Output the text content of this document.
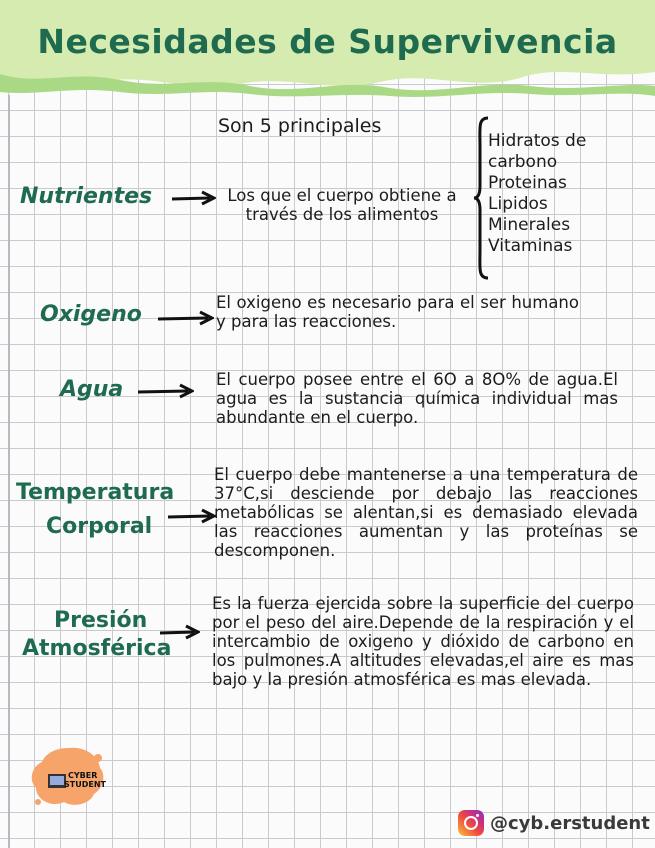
Necesidades de Supervivencia
Nutrientes
Son 5 principales
Los que el cuerpo obtiene a través de los alimentos
Hidratos de carbono
Proteinas
Lipidos
Minerales
Vitaminas
Oxigeno	El oxigeno es necesario para el ser humano y para las reacciones.
Agua	El cuerpo posee entre el 6O a 8O% de agua.El agua es la sustancia química individual mas abundante en el cuerpo.
Temperatura
Corporal
El cuerpo debe mantenerse a una temperatura de 37°C,si desciende por debajo las reacciones metabólicas se alentan,si es demasiado elevada las reacciones aumentan y las proteínas se descomponen.
Presión
Atmosférica
Es la fuerza ejercida sobre la superficie del cuerpo por el peso del aire.Depende de la respiración y el intercambio de oxigeno y dióxido de carbono en los pulmones.A altitudes elevadas,el aire es mas bajo y la presión atmosférica es mas elevada.
CYBER
STUDENT
@cyb.erstudent
